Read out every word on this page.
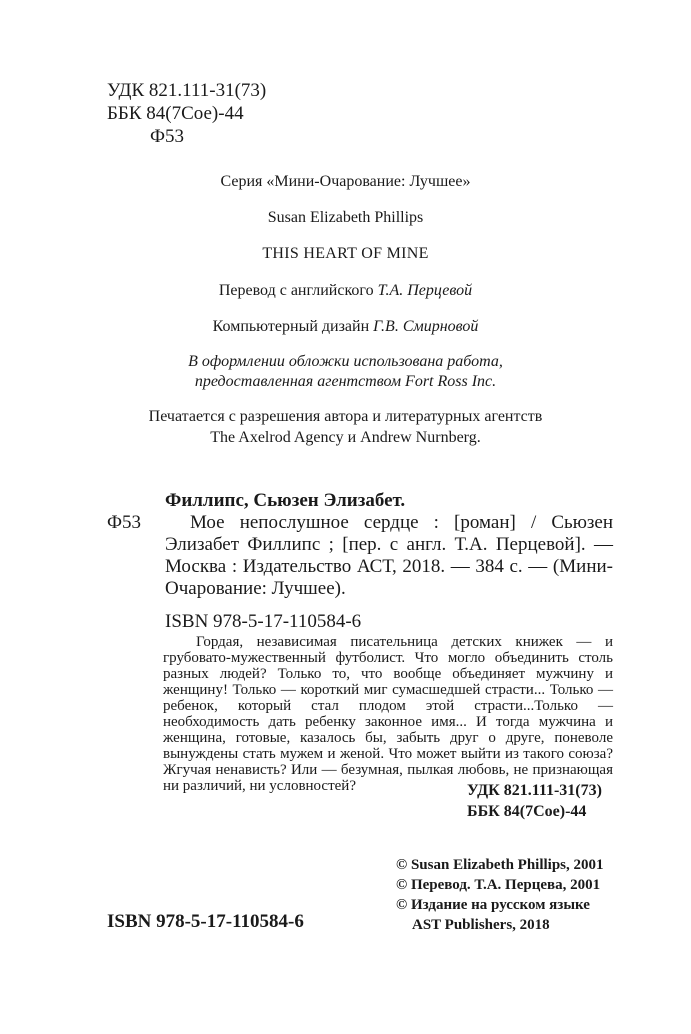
УДК 821.111-31(73)
ББК 84(7Сое)-44
Ф53
Серия «Мини-Очарование: Лучшее»
Susan Elizabeth Phillips
THIS HEART OF MINE
Перевод с английского Т.А. Перцевой
Компьютерный дизайн Г.В. Смирновой
В оформлении обложки использована работа,
предоставленная агентством Fort Ross Inc.
Печатается с разрешения автора и литературных агентств
The Axelrod Agency и Andrew Nurnberg.
Филлипс, Сьюзен Элизабет.
Ф53	Мое непослушное сердце : [роман] / Сьюзен Элизабет Филлипс ; [пер. с англ. Т.А. Перцевой]. — Москва : Издательство АСТ, 2018. — 384 с. — (Мини-Очарование: Лучшее).
ISBN 978-5-17-110584-6
Гордая, независимая писательница детских книжек — и грубовато-мужественный футболист. Что могло объединить столь разных людей? Только то, что вообще объединяет мужчину и женщину! Только — короткий миг сумасшедшей страсти... Только — ребенок, который стал плодом этой страсти...Только — необходимость дать ребенку законное имя... И тогда мужчина и женщина, готовые, казалось бы, забыть друг о друге, поневоле вынуждены стать мужем и женой. Что может выйти из такого союза? Жгучая ненависть? Или — безумная, пылкая любовь, не признающая ни различий, ни условностей?	УДК 821.111-31(73)
ББК 84(7Сое)-44
© Susan Elizabeth Phillips, 2001
© Перевод. Т.А. Перцева, 2001
© Издание на русском языке
AST Publishers, 2018
ISBN 978-5-17-110584-6
